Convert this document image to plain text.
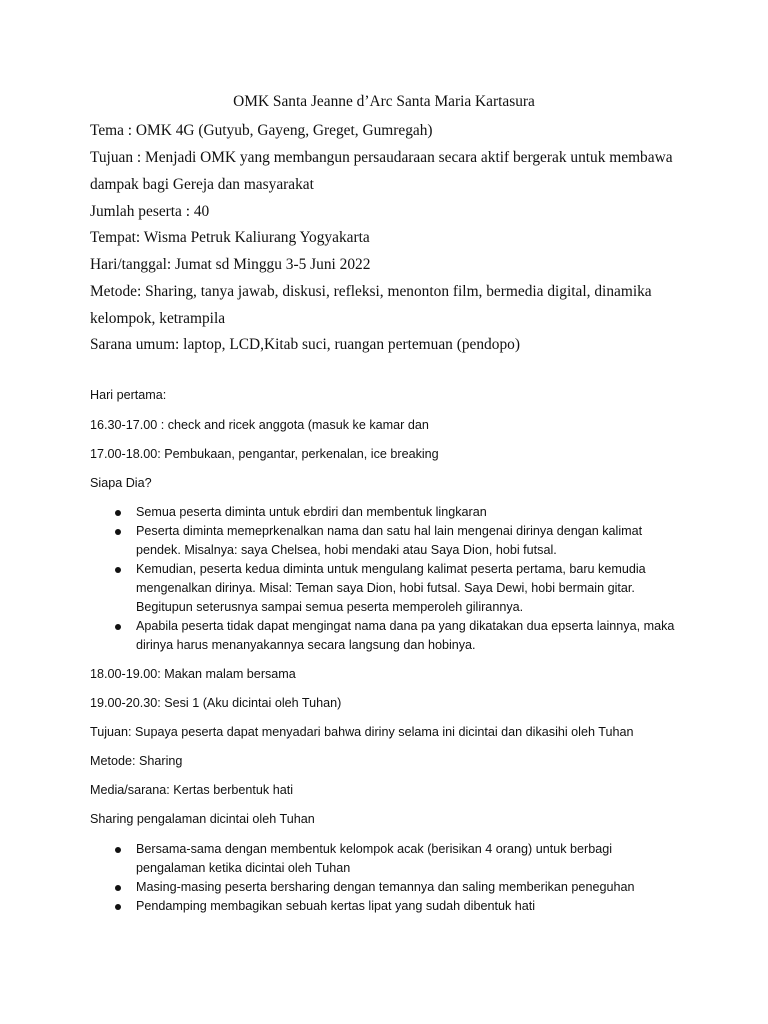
OMK Santa Jeanne d’Arc Santa Maria Kartasura
Tema : OMK 4G (Gutyub, Gayeng, Greget, Gumregah)
Tujuan : Menjadi OMK yang membangun persaudaraan secara aktif bergerak untuk membawa dampak bagi Gereja dan masyarakat
Jumlah peserta : 40
Tempat: Wisma Petruk Kaliurang Yogyakarta
Hari/tanggal: Jumat sd Minggu 3-5 Juni 2022
Metode: Sharing, tanya jawab, diskusi, refleksi, menonton film, bermedia digital, dinamika kelompok, ketrampila
Sarana umum: laptop, LCD,Kitab suci, ruangan pertemuan (pendopo)
Hari pertama:
16.30-17.00 : check and ricek anggota (masuk ke kamar dan
17.00-18.00: Pembukaan, pengantar, perkenalan, ice breaking
Siapa Dia?
Semua peserta diminta untuk ebrdiri dan membentuk lingkaran
Peserta diminta memeprkenalkan nama dan satu hal lain mengenai dirinya dengan kalimat pendek. Misalnya: saya Chelsea, hobi mendaki atau Saya Dion, hobi futsal.
Kemudian, peserta kedua diminta untuk mengulang kalimat peserta pertama, baru kemudia mengenalkan dirinya. Misal: Teman saya Dion, hobi futsal. Saya Dewi, hobi bermain gitar. Begitupun seterusnya sampai semua peserta memperoleh gilirannya.
Apabila peserta tidak dapat mengingat nama dana pa yang dikatakan dua epserta lainnya, maka dirinya harus menanyakannya secara langsung dan hobinya.
18.00-19.00: Makan malam bersama
19.00-20.30: Sesi 1 (Aku dicintai oleh Tuhan)
Tujuan: Supaya peserta dapat menyadari bahwa diriny selama ini dicintai dan dikasihi oleh Tuhan
Metode: Sharing
Media/sarana: Kertas berbentuk hati
Sharing pengalaman dicintai oleh Tuhan
Bersama-sama dengan membentuk kelompok acak (berisikan 4 orang) untuk berbagi pengalaman ketika dicintai oleh Tuhan
Masing-masing peserta bersharing dengan temannya dan saling memberikan peneguhan
Pendamping membagikan sebuah kertas lipat yang sudah dibentuk hati
